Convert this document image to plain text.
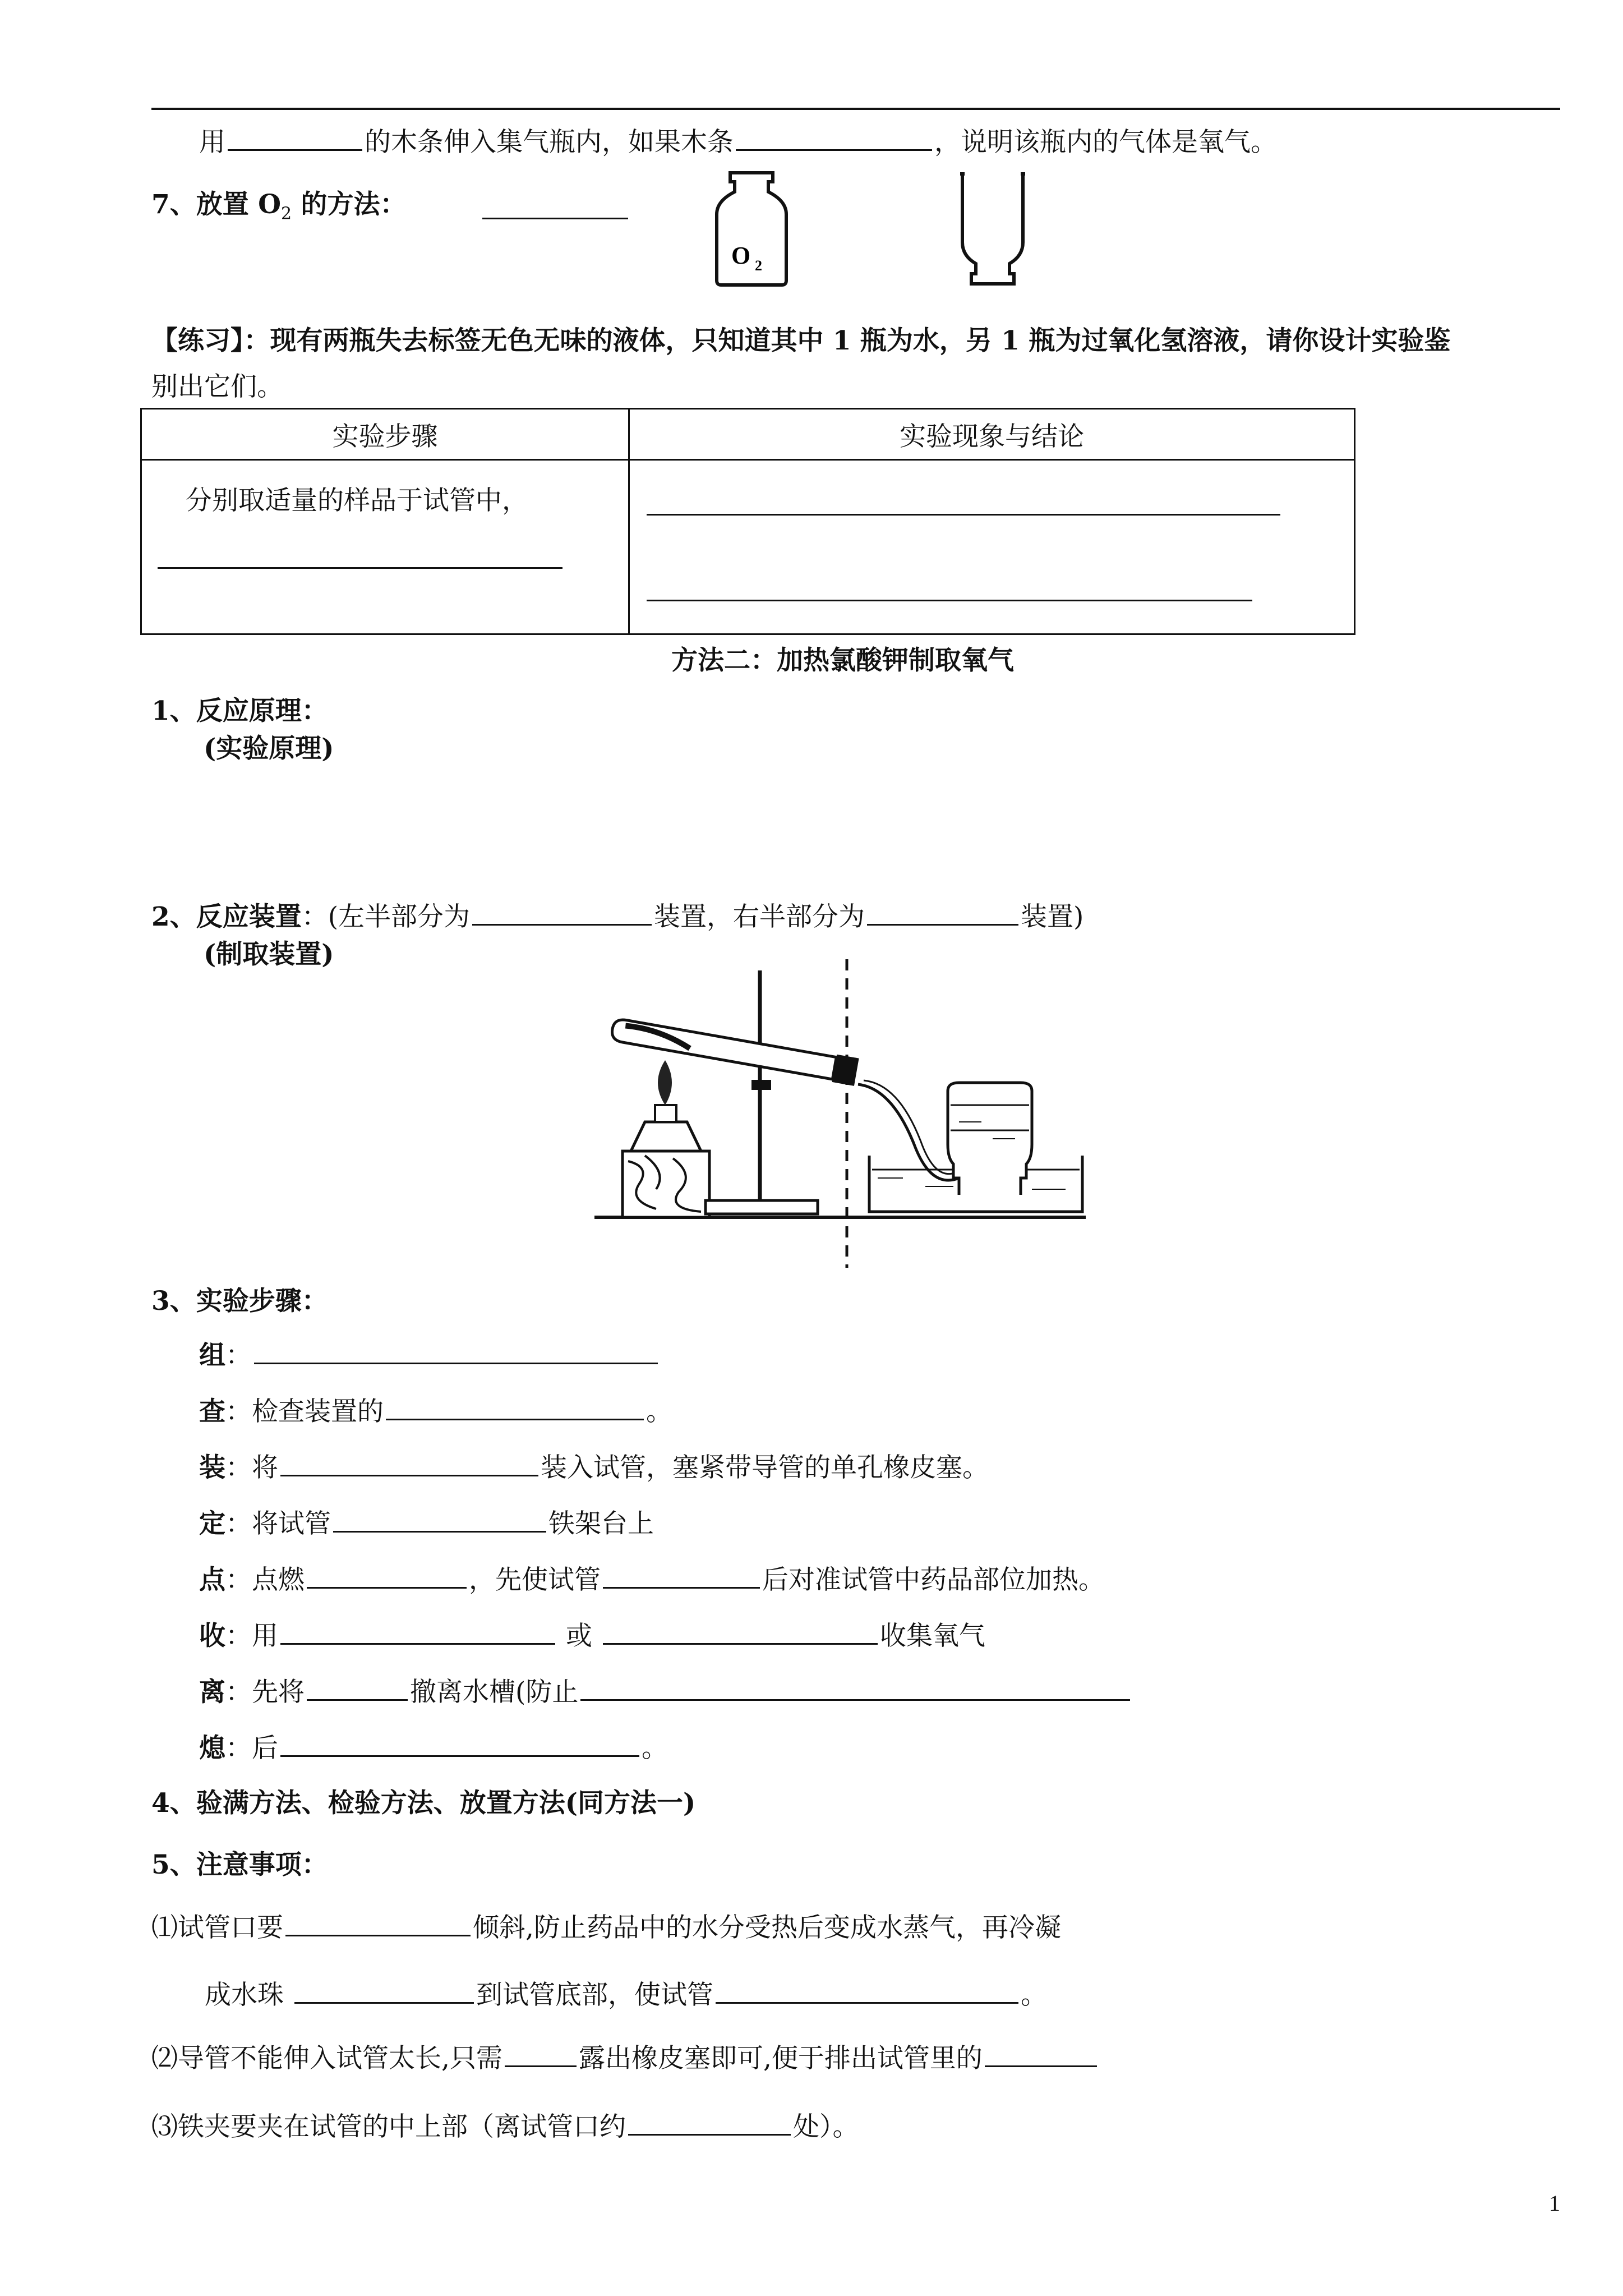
用	的木条伸入集气瓶内，如果木条	，说明该瓶内的气体是氧气。
7、放置 $O_2$ 的方法：
O 2
【练习】：现有两瓶失去标签无色无味的液体，只知道其中 1 瓶为水，另 1 瓶为过氧化氢溶液，请你设计实验鉴
别出它们。
实验步骤	实验现象与结论

分别取适量的样品于试管中，	

方法二：加热氯酸钾制取氧气
1、反应原理：
(实验原理)
2、反应装置：(左半部分为	装置，右半部分为	装置)
(制取装置)
3、实验步骤：
组：
查：检查装置的	。
装：将	装入试管，塞紧带导管的单孔橡皮塞。
定：将试管	铁架台上
点：点燃	，先使试管	后对准试管中药品部位加热。
收：用	或	收集氧气
离：先将	撤离水槽(防止
熄：后	。
4、验满方法、检验方法、放置方法(同方法一)
5、注意事项：
⑴试管口要	倾斜,防止药品中的水分受热后变成水蒸气，再冷凝
成水珠	到试管底部，使试管	。
⑵导管不能伸入试管太长,只需	露出橡皮塞即可,便于排出试管里的
⑶铁夹要夹在试管的中上部（离试管口约	处）。
1
